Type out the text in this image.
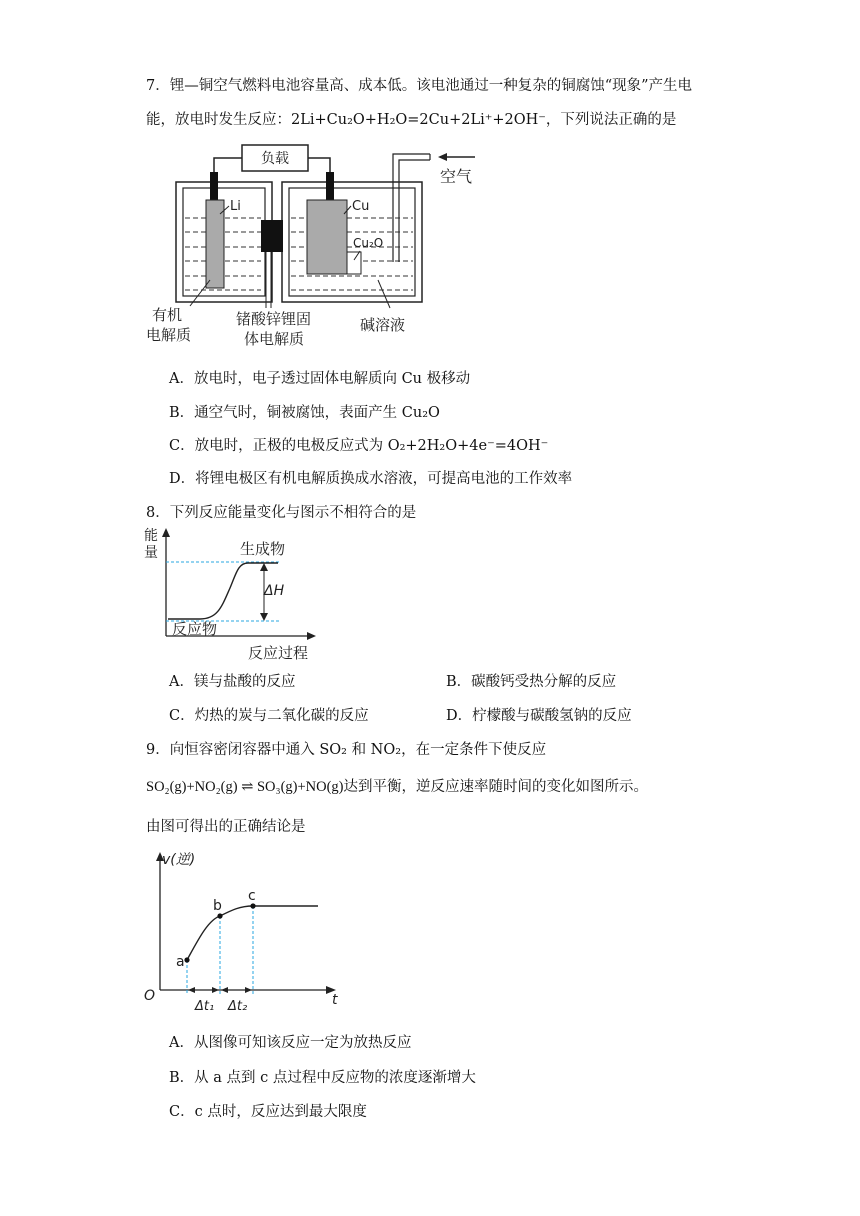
7．锂—铜空气燃料电池容量高、成本低。该电池通过一种复杂的铜腐蚀“现象”产生电
能，放电时发生反应：2Li+Cu₂O+H₂O=2Cu+2Li⁺+2OH⁻，下列说法正确的是
负载
Li	Cu
Cu₂O
空气
有机
电解质
锗酸锌锂固
体电解质
碱溶液
A．放电时，电子透过固体电解质向 Cu 极移动
B．通空气时，铜被腐蚀，表面产生 Cu₂O
C．放电时，正极的电极反应式为 O₂+2H₂O+4e⁻=4OH⁻
D．将锂电极区有机电解质换成水溶液，可提高电池的工作效率
8．下列反应能量变化与图示不相符合的是
能
量
ΔH
生成物
反应物
反应过程
A．镁与盐酸的反应	B．碳酸钙受热分解的反应
C．灼热的炭与二氧化碳的反应	D．柠檬酸与碳酸氢钠的反应
9．向恒容密闭容器中通入 SO₂ 和 NO₂，在一定条件下使反应
SO₂(g)+NO₂(g) ⇌ SO₃(g)+NO(g)达到平衡，逆反应速率随时间的变化如图所示。
由图可得出的正确结论是
v(逆)
O	t
a
b
c
Δt₁ Δt₂
A．从图像可知该反应一定为放热反应
B．从 a 点到 c 点过程中反应物的浓度逐渐增大
C．c 点时，反应达到最大限度
